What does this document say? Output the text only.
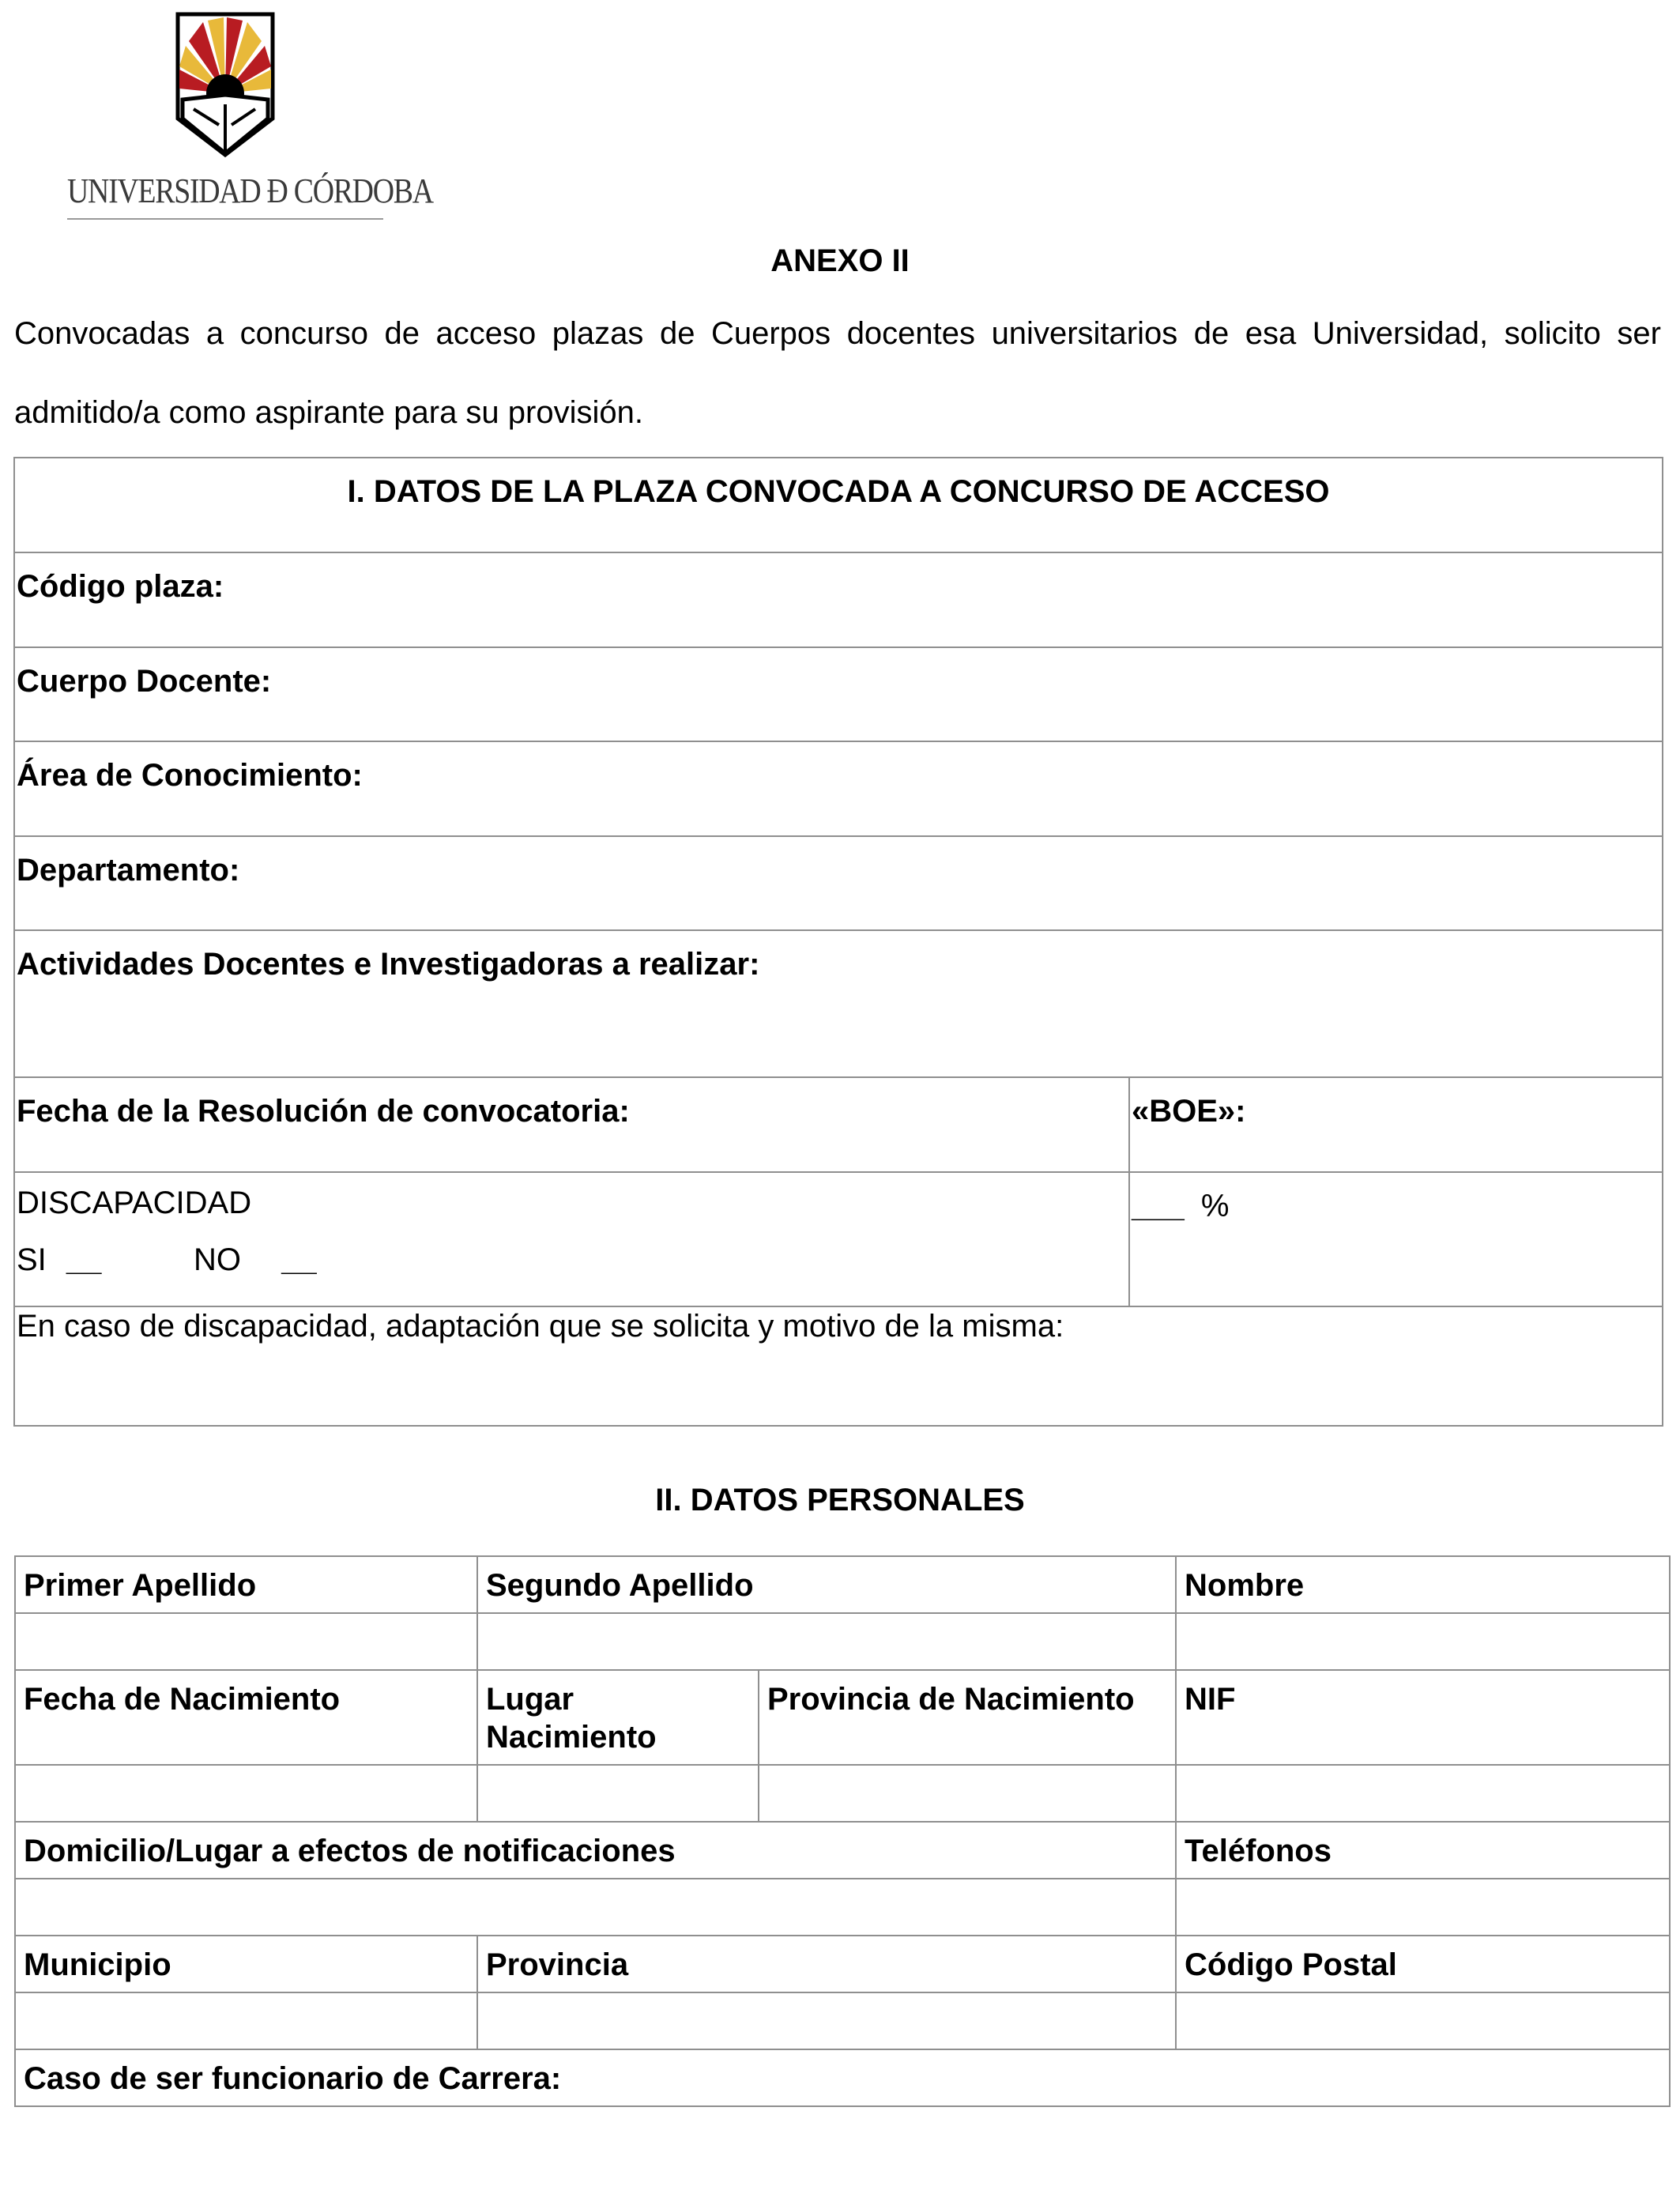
UNIVERSIDAD Ð CÓRDOBA
ANEXO II
Convocadas a concurso de acceso plazas de Cuerpos docentes universitarios de esa Universidad, solicito ser admitido/a como aspirante para su provisión.
I. DATOS DE LA PLAZA CONVOCADA A CONCURSO DE ACCESO	
Código plaza:	
Cuerpo Docente:	
Área de Conocimiento:	
Departamento:	
Actividades Docentes e Investigadoras a realizar:	
Fecha de la Resolución de convocatoria:	«BOE»:

DISCAPACIDAD
SI __ NO __	___ %
En caso de discapacidad, adaptación que se solicita y motivo de la misma:	
II. DATOS PERSONALES
Primer Apellido	Segundo Apellido		Nombre

Fecha de Nacimiento	Lugar Nacimiento	Provincia de Nacimiento	NIF

Domicilio/Lugar a efectos de notificaciones			Teléfonos

Municipio	Provincia		Código Postal

Caso de ser funcionario de Carrera:			
